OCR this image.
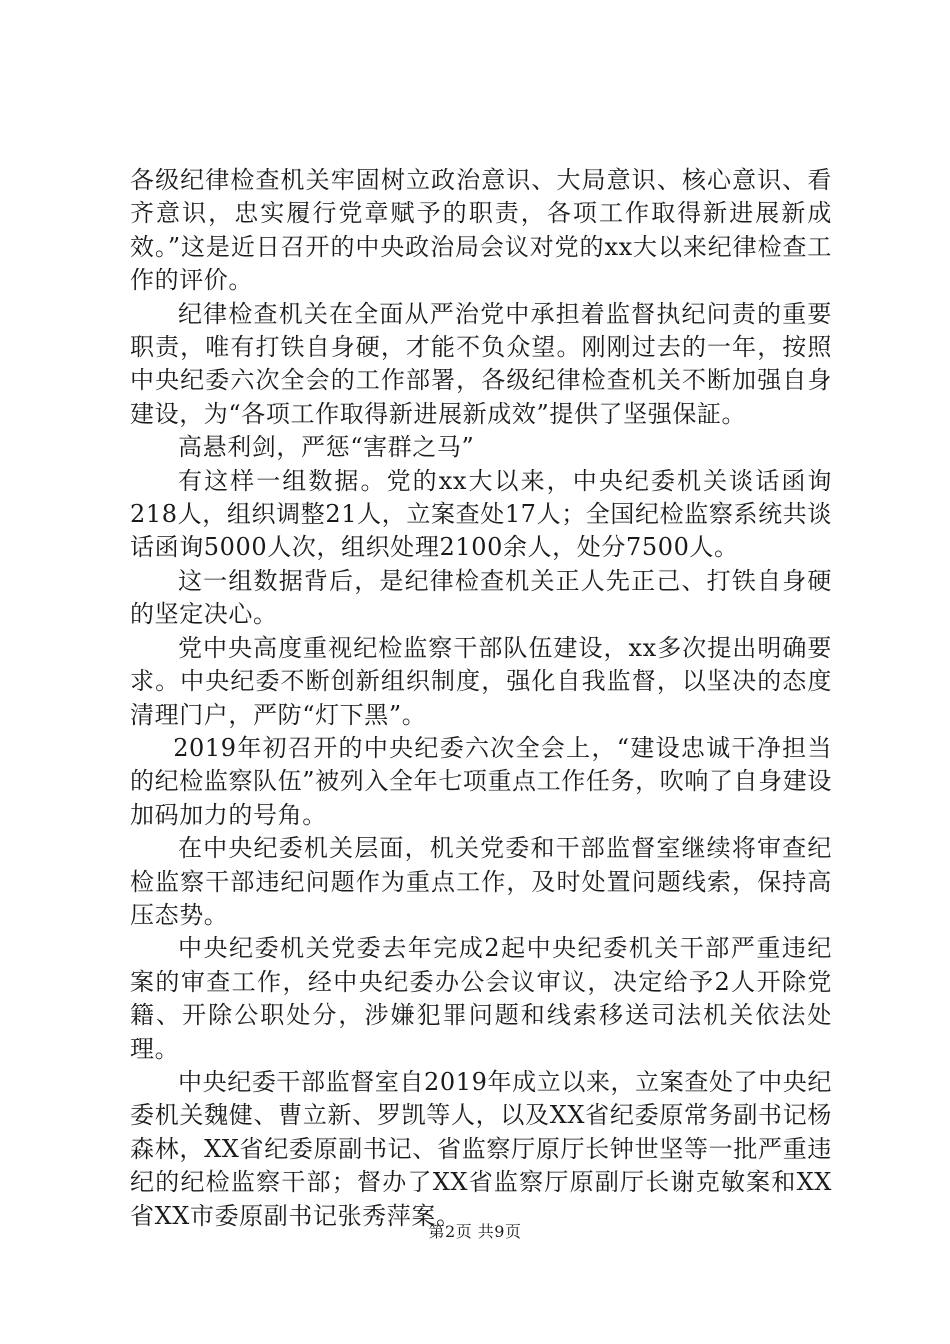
各级纪律检查机关牢固树立政治意识、大局意识、核心意识、看齐意识，忠实履行党章赋予的职责，各项工作取得新进展新成效。”这是近日召开的中央政治局会议对党的xx大以来纪律检查工作的评价。

纪律检查机关在全面从严治党中承担着监督执纪问责的重要职责，唯有打铁自身硬，才能不负众望。刚刚过去的一年，按照中央纪委六次全会的工作部署，各级纪律检查机关不断加强自身建设，为“各项工作取得新进展新成效”提供了坚强保証。

高悬利剑，严惩“害群之马”

有这样一组数据。党的xx大以来，中央纪委机关谈话函询218人，组织调整21人，立案查处17人；全国纪检监察系统共谈话函询5000人次，组织处理2100余人，处分7500人。

这一组数据背后，是纪律检查机关正人先正己、打铁自身硬的坚定决心。

党中央高度重视纪检监察干部队伍建设，xx多次提出明确要求。中央纪委不断创新组织制度，强化自我监督，以坚决的态度清理门户，严防“灯下黑”。

2019年初召开的中央纪委六次全会上，“建设忠诚干净担当的纪检监察队伍”被列入全年七项重点工作任务，吹响了自身建设加码加力的号角。

在中央纪委机关层面，机关党委和干部监督室继续将审查纪检监察干部违纪问题作为重点工作，及时处置问题线索，保持高压态势。

中央纪委机关党委去年完成2起中央纪委机关干部严重违纪案的审查工作，经中央纪委办公会议审议，决定给予2人开除党籍、开除公职处分，涉嫌犯罪问题和线索移送司法机关依法处理。

中央纪委干部监督室自2019年成立以来，立案查处了中央纪委机关魏健、曹立新、罗凯等人，以及XX省纪委原常务副书记杨森林，XX省纪委原副书记、省监察厅原厅长钟世坚等一批严重违纪的纪检监察干部；督办了XX省监察厅原副厅长谢克敏案和XX省XX市委原副书记张秀萍案。

第2页 共9页
